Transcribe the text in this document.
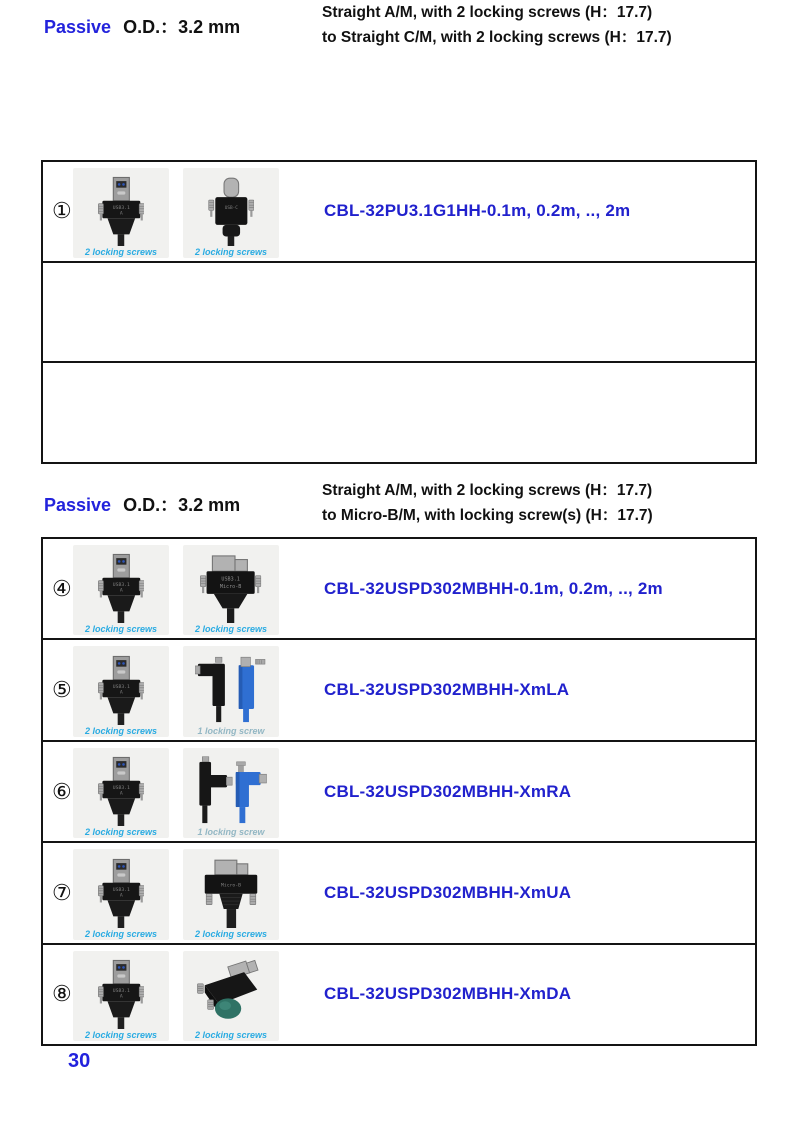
Passive O.D.：3.2 mm
Straight A/M, with 2 locking screws (H：17.7)
to Straight C/M, with 2 locking screws (H：17.7)
①
2 locking screws	2 locking screws
CBL-32PU3.1G1HH-0.1m, 0.2m, .., 2m
Passive O.D.：3.2 mm
Straight A/M, with 2 locking screws (H：17.7)
to Micro-B/M, with locking screw(s) (H：17.7)
④
2 locking screws	2 locking screws
CBL-32USPD302MBHH-0.1m, 0.2m, .., 2m
⑤
2 locking screws	1 locking screw
CBL-32USPD302MBHH-XmLA
⑥
2 locking screws	1 locking screw
CBL-32USPD302MBHH-XmRA
⑦
2 locking screws	2 locking screws
CBL-32USPD302MBHH-XmUA
⑧
2 locking screws	2 locking screws
CBL-32USPD302MBHH-XmDA
30
